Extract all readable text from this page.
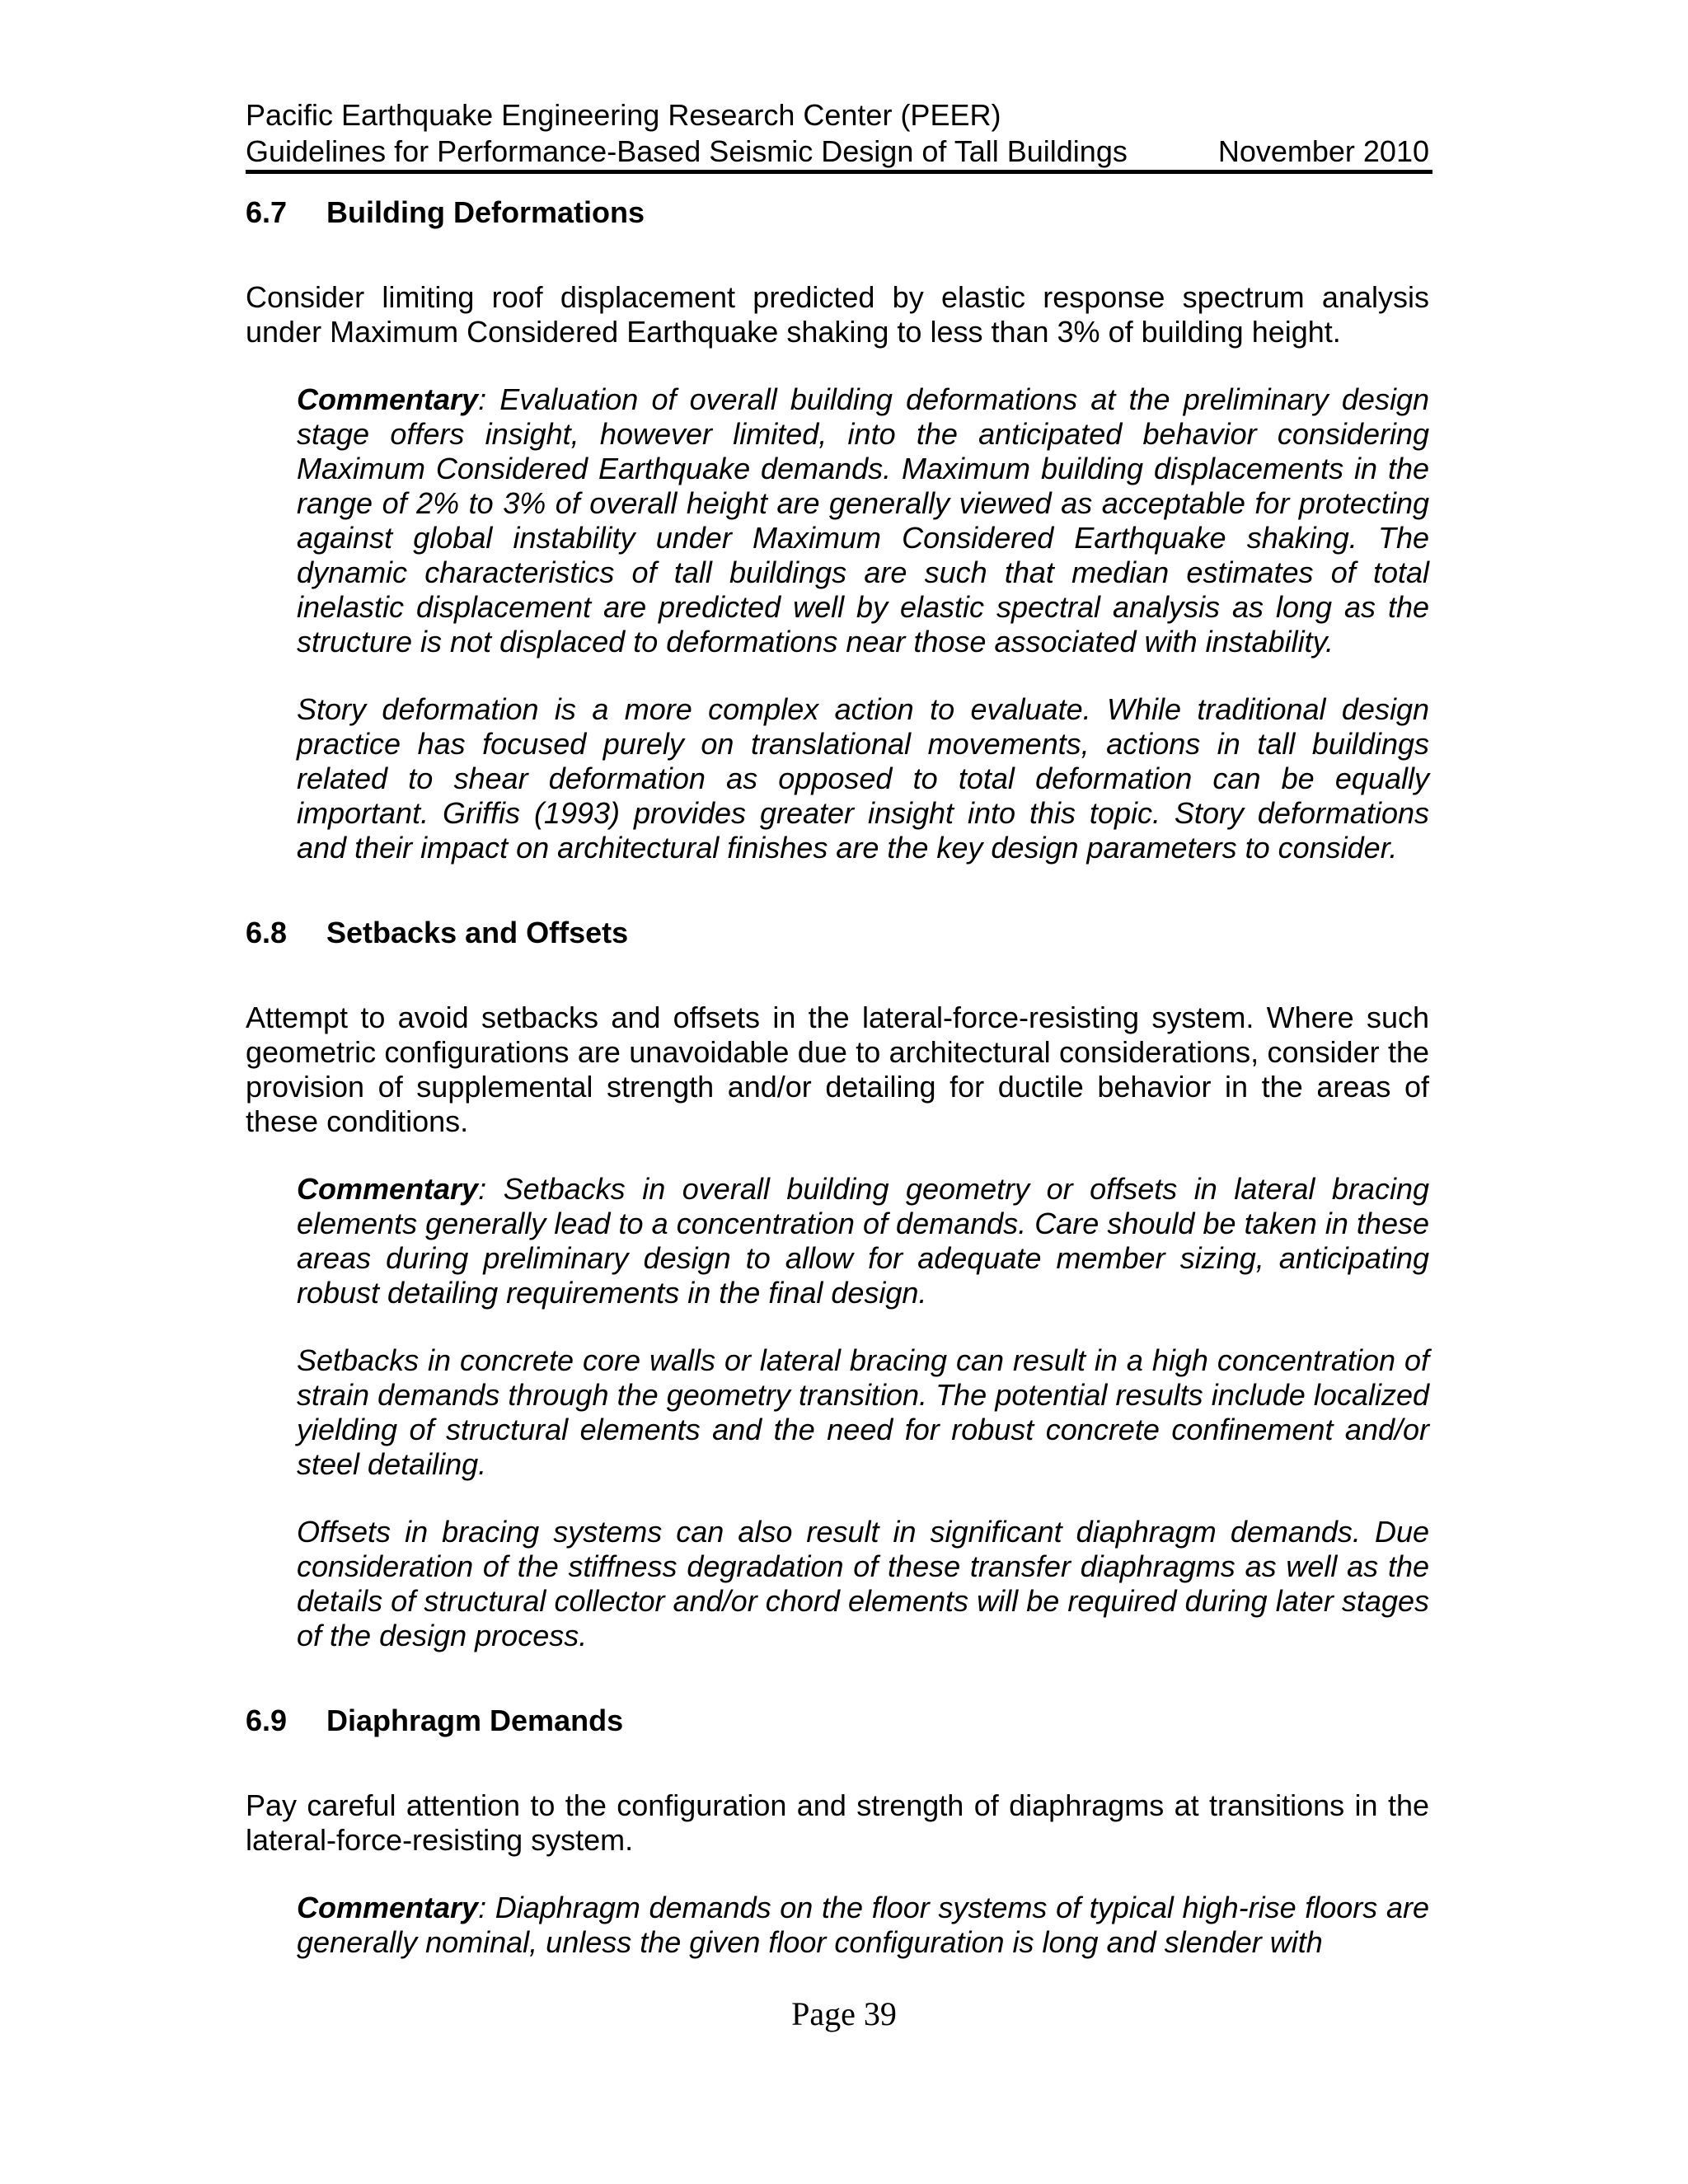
Pacific Earthquake Engineering Research Center (PEER)
Guidelines for Performance-Based Seismic Design of Tall Buildings	November 2010
6.7 Building Deformations

Consider limiting roof displacement predicted by elastic response spectrum analysis under Maximum Considered Earthquake shaking to less than 3% of building height.

Commentary: Evaluation of overall building deformations at the preliminary design stage offers insight, however limited, into the anticipated behavior considering Maximum Considered Earthquake demands. Maximum building displacements in the range of 2% to 3% of overall height are generally viewed as acceptable for protecting against global instability under Maximum Considered Earthquake shaking. The dynamic characteristics of tall buildings are such that median estimates of total inelastic displacement are predicted well by elastic spectral analysis as long as the structure is not displaced to deformations near those associated with instability.

Story deformation is a more complex action to evaluate. While traditional design practice has focused purely on translational movements, actions in tall buildings related to shear deformation as opposed to total deformation can be equally important. Griffis (1993) provides greater insight into this topic. Story deformations and their impact on architectural finishes are the key design parameters to consider.

6.8 Setbacks and Offsets

Attempt to avoid setbacks and offsets in the lateral-force-resisting system. Where such geometric configurations are unavoidable due to architectural considerations, consider the provision of supplemental strength and/or detailing for ductile behavior in the areas of these conditions.

Commentary: Setbacks in overall building geometry or offsets in lateral bracing elements generally lead to a concentration of demands. Care should be taken in these areas during preliminary design to allow for adequate member sizing, anticipating robust detailing requirements in the final design.

Setbacks in concrete core walls or lateral bracing can result in a high concentration of strain demands through the geometry transition. The potential results include localized yielding of structural elements and the need for robust concrete confinement and/or steel detailing.

Offsets in bracing systems can also result in significant diaphragm demands. Due consideration of the stiffness degradation of these transfer diaphragms as well as the details of structural collector and/or chord elements will be required during later stages of the design process.

6.9 Diaphragm Demands

Pay careful attention to the configuration and strength of diaphragms at transitions in the lateral-force-resisting system.

Commentary: Diaphragm demands on the floor systems of typical high-rise floors are generally nominal, unless the given floor configuration is long and slender with

Page 39
